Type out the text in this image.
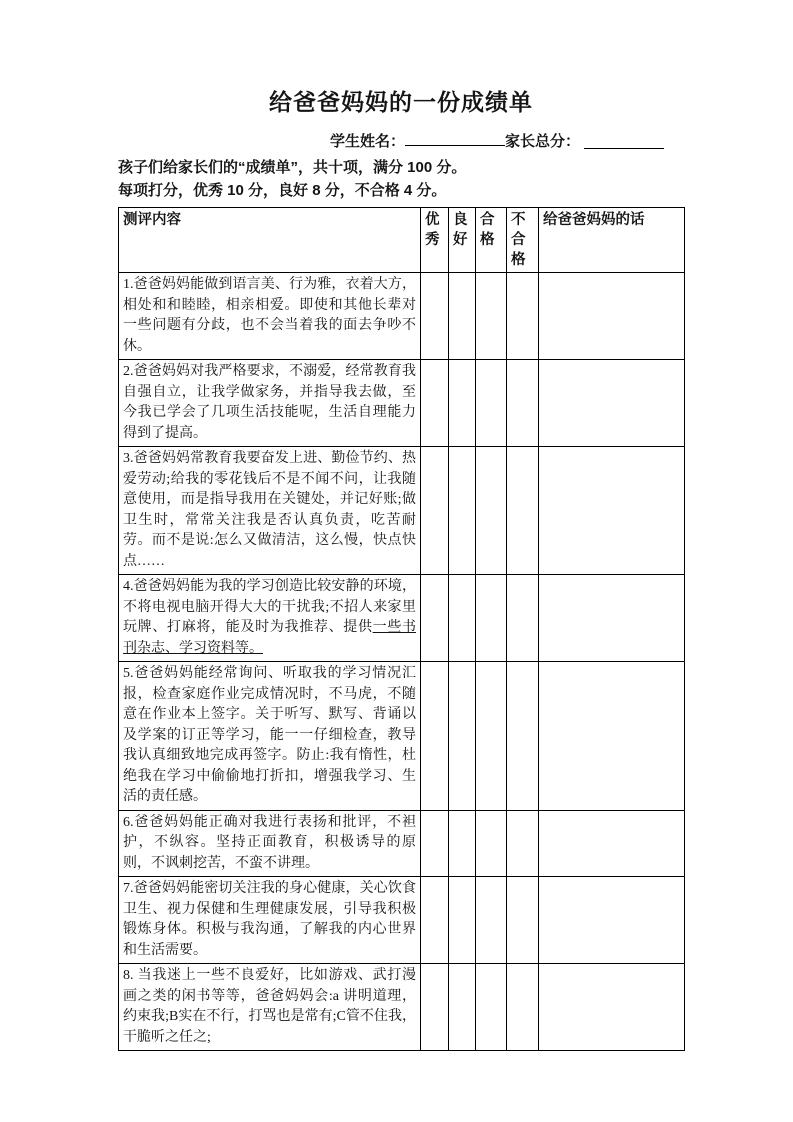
给爸爸妈妈的一份成绩单
学生姓名：	家长总分：

孩子们给家长们的“成绩单”，共十项，满分 100 分。

每项打分，优秀 10 分，良好 8 分，不合格 4 分。

测评内容	优秀	良好	合格	不合格	给爸爸妈妈的话
1.爸爸妈妈能做到语言美、行为雅，衣着大方，相处和和睦睦，相亲相爱。即使和其他长辈对一些问题有分歧，也不会当着我的面去争吵不休。					
2.爸爸妈妈对我严格要求，不溺爱，经常教育我自强自立，让我学做家务，并指导我去做，至今我已学会了几项生活技能呢，生活自理能力得到了提高。					
3.爸爸妈妈常教育我要奋发上进、勤俭节约、热爱劳动;给我的零花钱后不是不闻不问，让我随意使用，而是指导我用在关键处，并记好账;做卫生时，常常关注我是否认真负责，吃苦耐劳。而不是说:怎么又做清洁，这么慢，快点快点……					
4.爸爸妈妈能为我的学习创造比较安静的环境，不将电视电脑开得大大的干扰我;不招人来家里玩牌、打麻将，能及时为我推荐、提供一些书刊杂志、学习资料等。					
5.爸爸妈妈能经常询问、听取我的学习情况汇报，检查家庭作业完成情况时，不马虎，不随意在作业本上签字。关于听写、默写、背诵以及学案的订正等学习，能一一仔细检查，教导我认真细致地完成再签字。防止:我有惰性，杜绝我在学习中偷偷地打折扣，增强我学习、生活的责任感。					
6.爸爸妈妈能正确对我进行表扬和批评，不袒护，不纵容。坚持正面教育，积极诱导的原则，不讽刺挖苦，不蛮不讲理。					
7.爸爸妈妈能密切关注我的身心健康，关心饮食卫生、视力保健和生理健康发展，引导我积极锻炼身体。积极与我沟通，了解我的内心世界和生活需要。					
8. 当我迷上一些不良爱好，比如游戏、武打漫画之类的闲书等等，爸爸妈妈会:a 讲明道理，约束我;B实在不行，打骂也是常有;C管不住我，干脆听之任之;					
